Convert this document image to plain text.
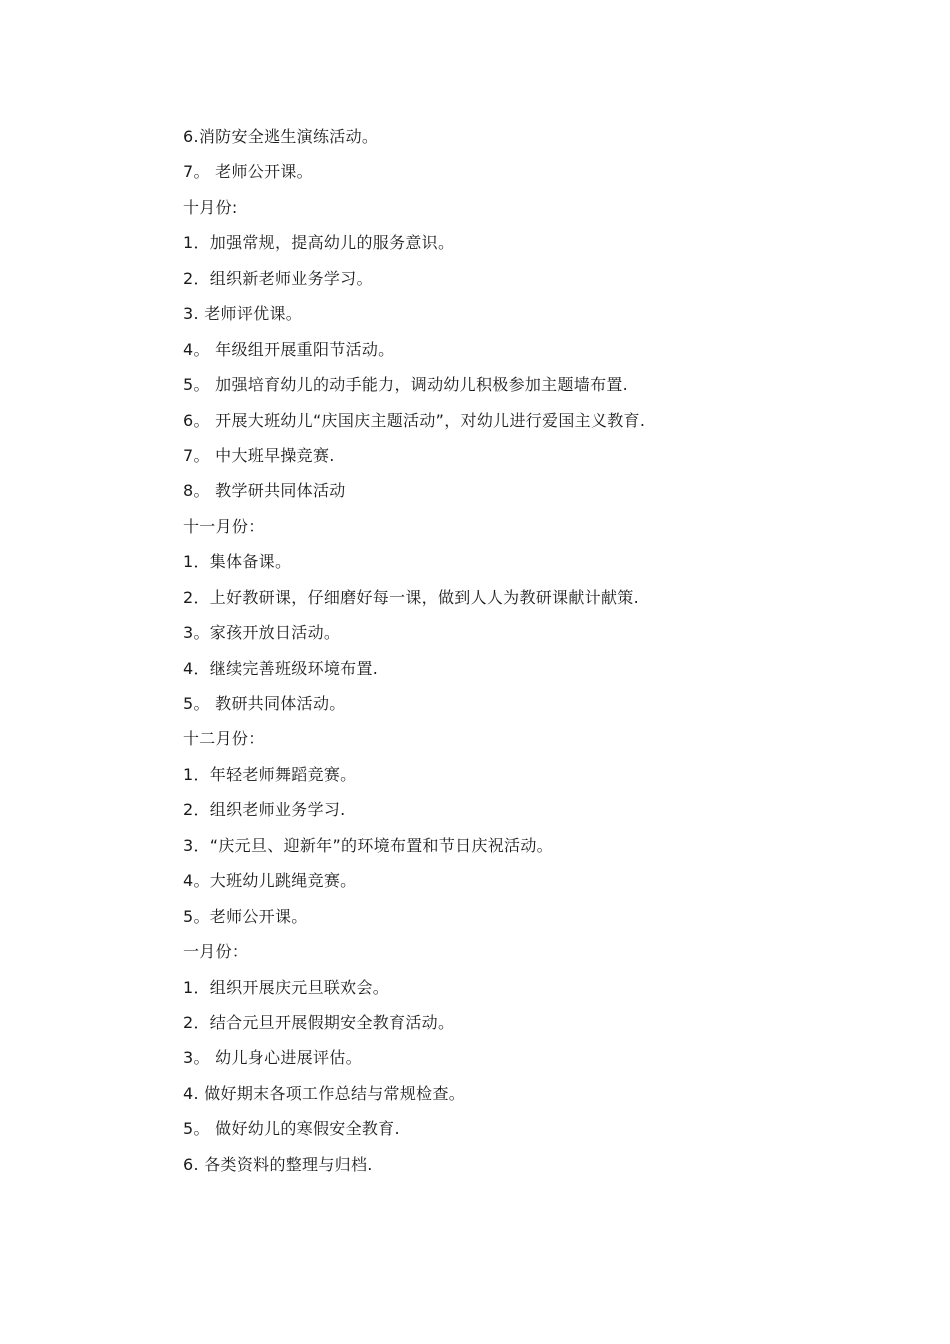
6.消防安全逃生演练活动。
7。 老师公开课。
十月份:
1．加强常规，提高幼儿的服务意识。
2．组织新老师业务学习。
3. 老师评优课。
4。 年级组开展重阳节活动。
5。 加强培育幼儿的动手能力，调动幼儿积极参加主题墙布置.
6。 开展大班幼儿“庆国庆主题活动”，对幼儿进行爱国主义教育.
7。 中大班早操竞赛.
8。 教学研共同体活动
十一月份：
1．集体备课。
2．上好教研课，仔细磨好每一课，做到人人为教研课献计献策.
3。家孩开放日活动。
4．继续完善班级环境布置.
5。 教研共同体活动。
十二月份：
1．年轻老师舞蹈竞赛。
2．组织老师业务学习.
3．“庆元旦、迎新年”的环境布置和节日庆祝活动。
4。大班幼儿跳绳竞赛。
5。老师公开课。
一月份：
1．组织开展庆元旦联欢会。
2．结合元旦开展假期安全教育活动。
3。 幼儿身心进展评估。
4. 做好期末各项工作总结与常规检查。
5。 做好幼儿的寒假安全教育.
6. 各类资料的整理与归档.
